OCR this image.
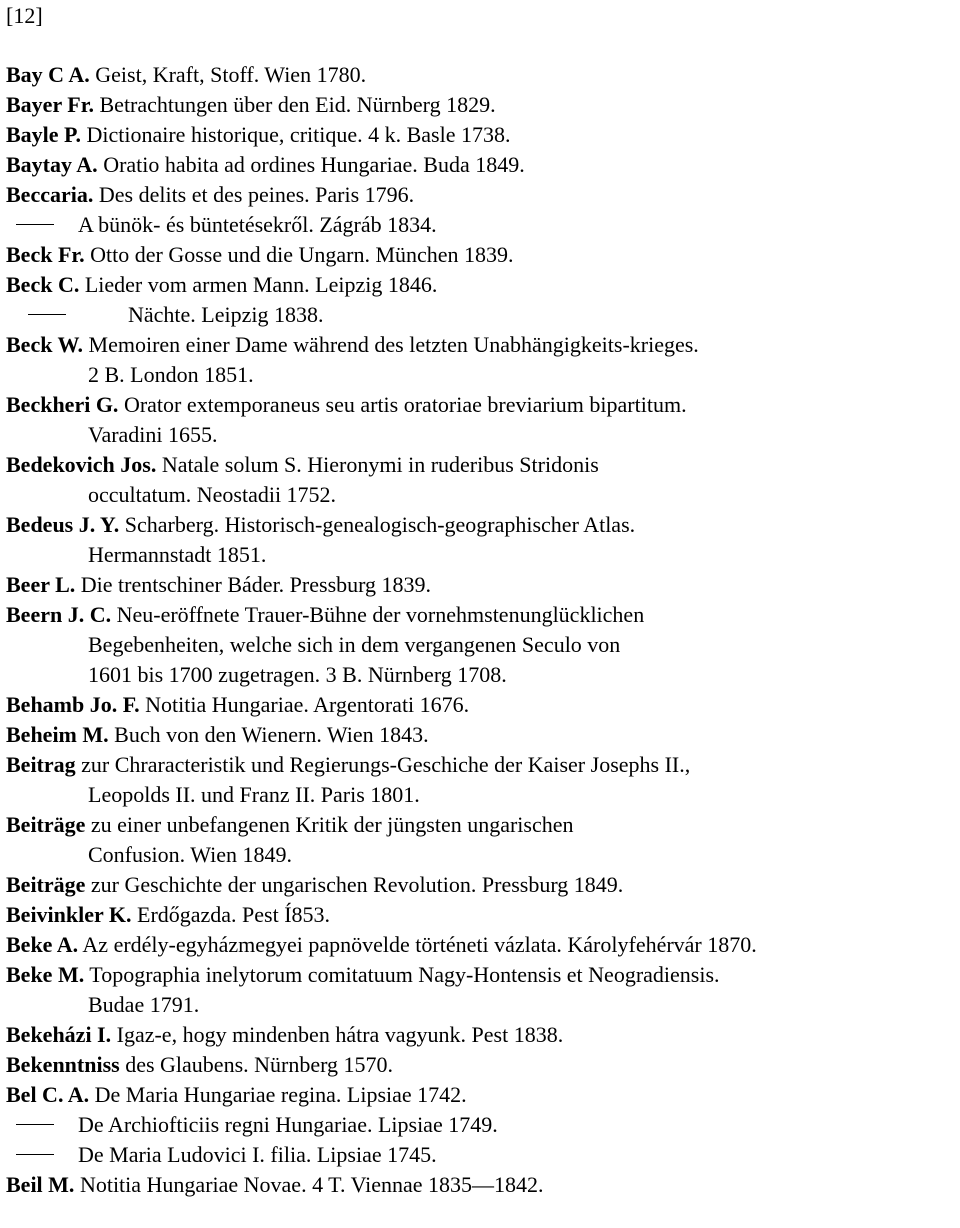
[12]
Bay C A. Geist, Kraft, Stoff. Wien 1780.
Bayer Fr. Betrachtungen über den Eid. Nürnberg 1829.
Bayle P. Dictionaire historique, critique. 4 k. Basle 1738.
Baytay A. Oratio habita ad ordines Hungariae. Buda 1849.
Beccaria. Des delits et des peines. Paris 1796.
A bünök- és büntetésekről. Zágráb 1834.
Beck Fr. Otto der Gosse und die Ungarn. München 1839.
Beck C. Lieder vom armen Mann. Leipzig 1846.
Nächte. Leipzig 1838.
Beck W. Memoiren einer Dame während des letzten Unabhängigkeits-krieges.
2 B. London 1851.
Beckheri G. Orator extemporaneus seu artis oratoriae breviarium bipartitum.
Varadini 1655.
Bedekovich Jos. Natale solum S. Hieronymi in ruderibus Stridonis
occultatum. Neostadii 1752.
Bedeus J. Y. Scharberg. Historisch-genealogisch-geographischer Atlas.
Hermannstadt 1851.
Beer L. Die trentschiner Báder. Pressburg 1839.
Beern J. C. Neu-eröffnete Trauer-Bühne der vornehmstenunglücklichen
Begebenheiten, welche sich in dem vergangenen Seculo von
1601 bis 1700 zugetragen. 3 B. Nürnberg 1708.
Behamb Jo. F. Notitia Hungariae. Argentorati 1676.
Beheim M. Buch von den Wienern. Wien 1843.
Beitrag zur Chraracteristik und Regierungs-Geschiche der Kaiser Josephs II.,
Leopolds II. und Franz II. Paris 1801.
Beiträge zu einer unbefangenen Kritik der jüngsten ungarischen
Confusion. Wien 1849.
Beiträge zur Geschichte der ungarischen Revolution. Pressburg 1849.
Beivinkler K. Erdőgazda. Pest Í853.
Beke A. Az erdély-egyházmegyei papnövelde történeti vázlata. Károlyfehérvár 1870.
Beke M. Topographia inelytorum comitatuum Nagy-Hontensis et Neogradiensis.
Budae 1791.
Bekeházi I. Igaz-e, hogy mindenben hátra vagyunk. Pest 1838.
Bekenntniss des Glaubens. Nürnberg 1570.
Bel C. A. De Maria Hungariae regina. Lipsiae 1742.
De Archiofticiis regni Hungariae. Lipsiae 1749.
De Maria Ludovici I. filia. Lipsiae 1745.
Beil M. Notitia Hungariae Novae. 4 T. Viennae 1835—1842.
